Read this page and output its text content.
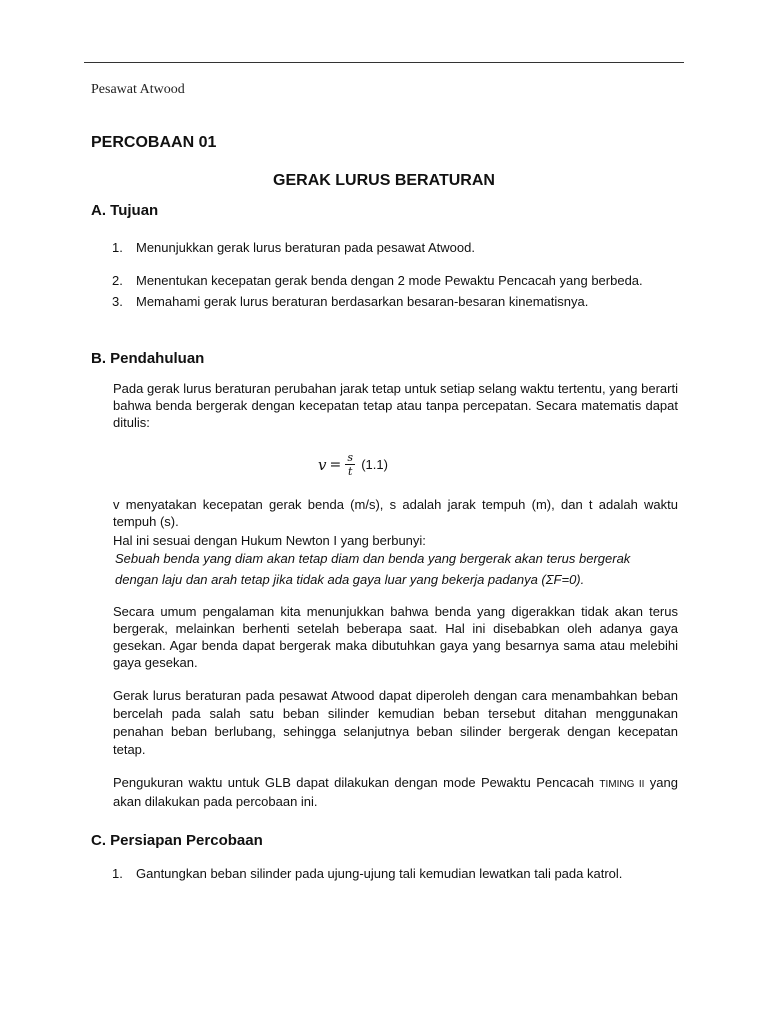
Pesawat Atwood
PERCOBAAN 01
GERAK LURUS BERATURAN
A. Tujuan
1.	Menunjukkan gerak lurus beraturan pada pesawat Atwood.
2.	Menentukan kecepatan gerak benda dengan 2 mode Pewaktu Pencacah yang berbeda.
3.	Memahami gerak lurus beraturan berdasarkan besaran-besaran kinematisnya.
B. Pendahuluan

Pada gerak lurus beraturan perubahan jarak tetap untuk setiap selang waktu tertentu, yang berarti bahwa benda bergerak dengan kecepatan tetap atau tanpa percepatan. Secara matematis dapat ditulis:

$v = \frac{s}{t} (1.1)$

v menyatakan kecepatan gerak benda (m/s), s adalah jarak tempuh (m), dan t adalah waktu tempuh (s).

Hal ini sesuai dengan Hukum Newton I yang berbunyi:

Sebuah benda yang diam akan tetap diam dan benda yang bergerak akan terus bergerak

dengan laju dan arah tetap jika tidak ada gaya luar yang bekerja padanya (ΣF=0).

Secara umum pengalaman kita menunjukkan bahwa benda yang digerakkan tidak akan terus bergerak, melainkan berhenti setelah beberapa saat. Hal ini disebabkan oleh adanya gaya gesekan. Agar benda dapat bergerak maka dibutuhkan gaya yang besarnya sama atau melebihi gaya gesekan.

Gerak lurus beraturan pada pesawat Atwood dapat diperoleh dengan cara menambahkan beban bercelah pada salah satu beban silinder kemudian beban tersebut ditahan menggunakan penahan beban berlubang, sehingga selanjutnya beban silinder bergerak dengan kecepatan tetap.

Pengukuran waktu untuk GLB dapat dilakukan dengan mode Pewaktu Pencacah TIMING II yang akan dilakukan pada percobaan ini.

C. Persiapan Percobaan
1.	Gantungkan beban silinder pada ujung-ujung tali kemudian lewatkan tali pada katrol.
